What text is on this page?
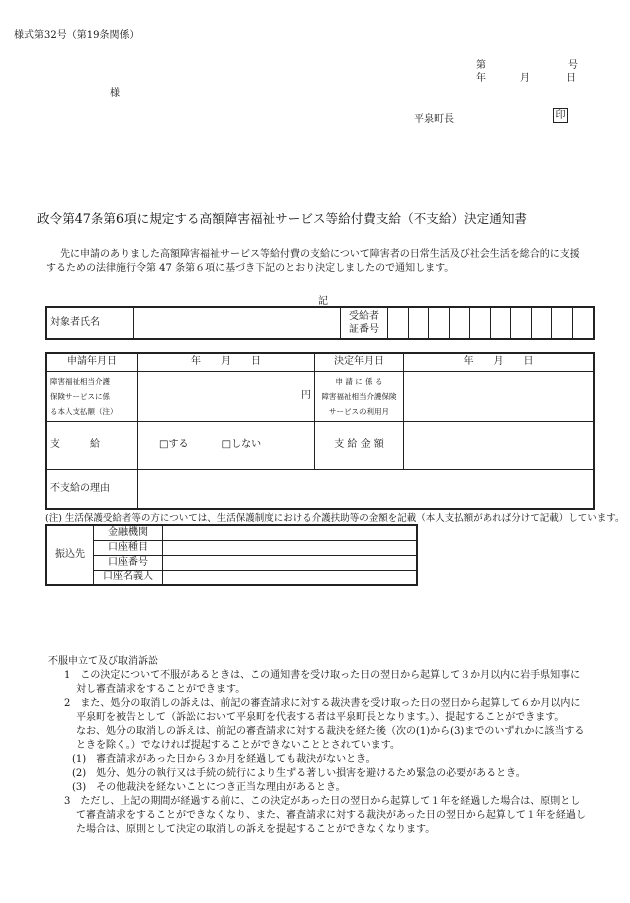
様式第32号（第19条関係）
第	号
年	月	日
様
平泉町長	印
政令第47条第6項に規定する高額障害福祉サービス等給付費支給（不支給）決定通知書
先に申請のありました高額障害福祉サービス等給付費の支給について障害者の日常生活及び社会生活を総合的に支援するための法律施行令第 47 条第６項に基づき下記のとおり決定しましたので通知します。
記
対象者氏名		受給者
証番号										
申請年月日	年　　月　　日	決定年月日	年　　月　　日
障害福祉相当介護
保険サービスに係
る本人支払額（注）	円	申 請 に 係 る
障害福祉相当介護保険
サービスの利用月	
支　　　給	□する □しない	支 給 金 額	
不支給の理由			
(注) 生活保護受給者等の方については、生活保護制度における介護扶助等の金額を記載（本人支払額があれば分けて記載）しています。
振込先	金融機関	
	口座種目	
	口座番号	
	口座名義人	

不服申立て及び取消訴訟

1　この決定について不服があるときは、この通知書を受け取った日の翌日から起算して３か月以内に岩手県知事に対し審査請求をすることができます。

2　また、処分の取消しの訴えは、前記の審査請求に対する裁決書を受け取った日の翌日から起算して６か月以内に平泉町を被告として（訴訟において平泉町を代表する者は平泉町長となります。）、提起することができます。

なお、処分の取消しの訴えは、前記の審査請求に対する裁決を経た後（次の(1)から(3)までのいずれかに該当するときを除く。）でなければ提起することができないこととされています。

(1)　審査請求があった日から３か月を経過しても裁決がないとき。

(2)　処分、処分の執行又は手続の続行により生ずる著しい損害を避けるため緊急の必要があるとき。

(3)　その他裁決を経ないことにつき正当な理由があるとき。

3　ただし、上記の期間が経過する前に、この決定があった日の翌日から起算して１年を経過した場合は、原則として審査請求をすることができなくなり、また、審査請求に対する裁決があった日の翌日から起算して１年を経過した場合は、原則として決定の取消しの訴えを提起することができなくなります。
